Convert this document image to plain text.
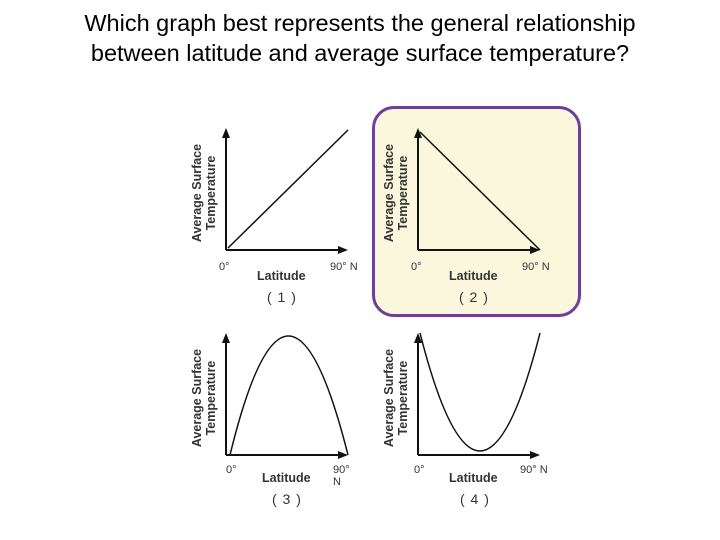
Which graph best represents the general relationship
between latitude and average surface temperature?
Average Surface Temperature
0°
Latitude
90° N
( 1 )
Average Surface Temperature
0°
Latitude
90° N
( 2 )
Average Surface Temperature
0°
Latitude
90° N
( 3 )
Average Surface Temperature
0°
Latitude
90° N
( 4 )
